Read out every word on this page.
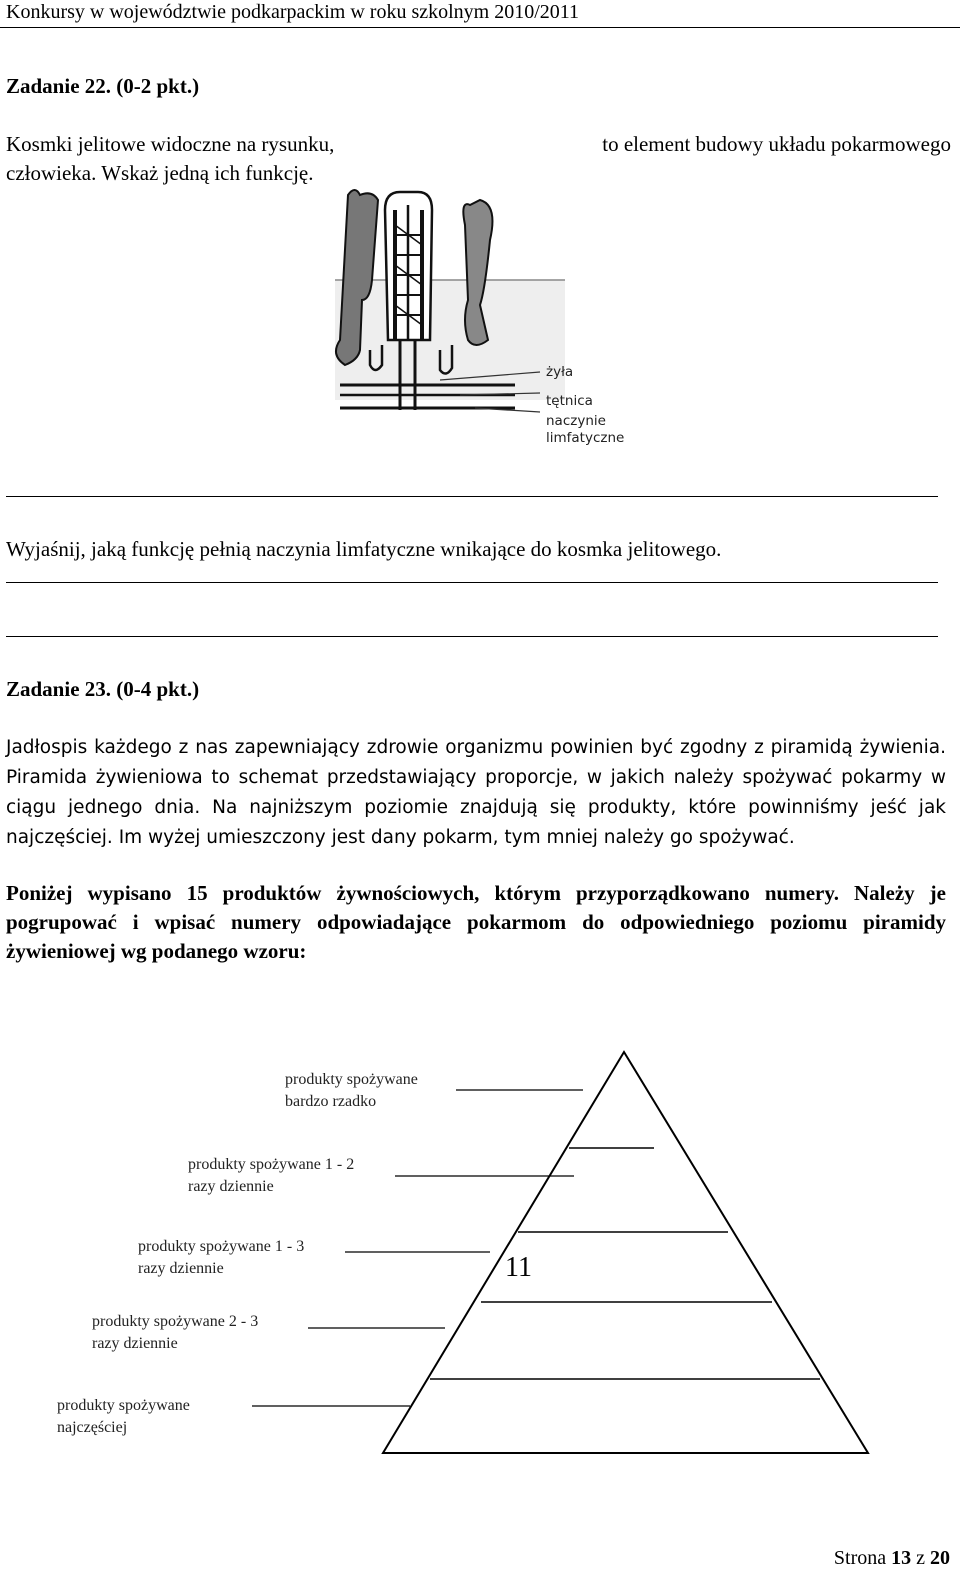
Konkursy w województwie podkarpackim w roku szkolnym 2010/2011
Zadanie 22. (0-2 pkt.)
Kosmki jelitowe widoczne na rysunku,	to element budowy układu pokarmowego
człowieka. Wskaż jedną ich funkcję.
żyła
tętnica
naczynie
limfatyczne
Wyjaśnij, jaką funkcję pełnią naczynia limfatyczne wnikające do kosmka jelitowego.
Zadanie 23. (0-4 pkt.)
Jadłospis każdego z nas zapewniający zdrowie organizmu powinien być zgodny z piramidą żywienia. Piramida żywieniowa to schemat przedstawiający proporcje, w jakich należy spożywać pokarmy w ciągu jednego dnia. Na najniższym poziomie znajdują się produkty, które powinniśmy jeść jak najczęściej. Im wyżej umieszczony jest dany pokarm, tym mniej należy go spożywać.
Poniżej wypisano 15 produktów żywnościowych, którym przyporządkowano numery. Należy je pogrupować i wpisać numery odpowiadające pokarmom do odpowiedniego poziomu piramidy żywieniowej wg podanego wzoru:
produkty spożywane
bardzo rzadko
produkty spożywane 1 - 2
razy dziennie
produkty spożywane 1 - 3
razy dziennie
produkty spożywane 2 - 3
razy dziennie
produkty spożywane
najczęściej
11
Strona 13 z 20
